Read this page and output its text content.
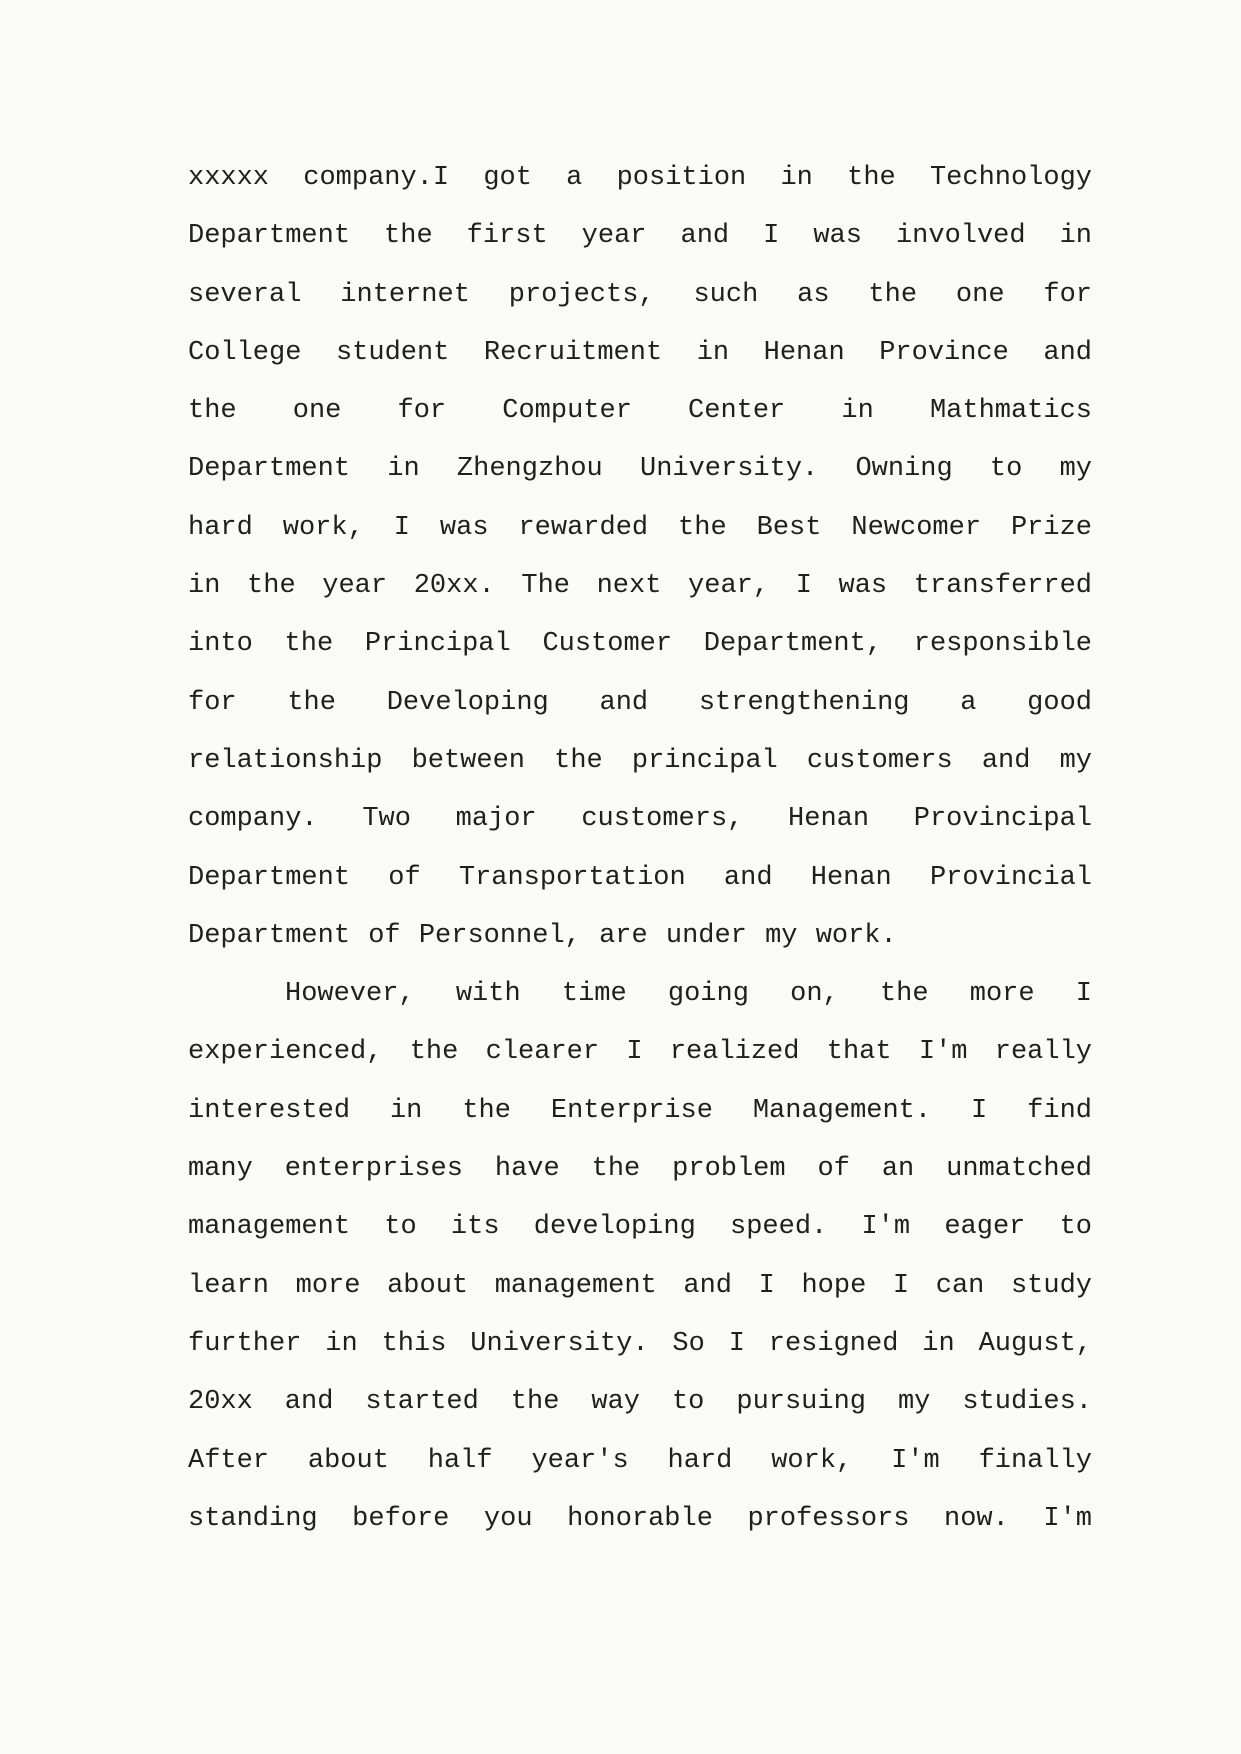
xxxxx company.I got a position in the Technology
Department the first year and I was involved in
several internet projects, such as the one for
College student Recruitment in Henan Province and
the one for Computer Center in Mathmatics
Department in Zhengzhou University. Owning to my
hard work, I was rewarded the Best Newcomer Prize
in the year 20xx. The next year, I was transferred
into the Principal Customer Department, responsible
for the Developing and strengthening a good
relationship between the principal customers and my
company. Two major customers, Henan Provincipal
Department of Transportation and Henan Provincial
Department of Personnel, are under my work.
However, with time going on, the more I
experienced, the clearer I realized that I'm really
interested in the Enterprise Management. I find
many enterprises have the problem of an unmatched
management to its developing speed. I'm eager to
learn more about management and I hope I can study
further in this University. So I resigned in August,
20xx and started the way to pursuing my studies.
After about half year's hard work, I'm finally
standing before you honorable professors now. I'm
